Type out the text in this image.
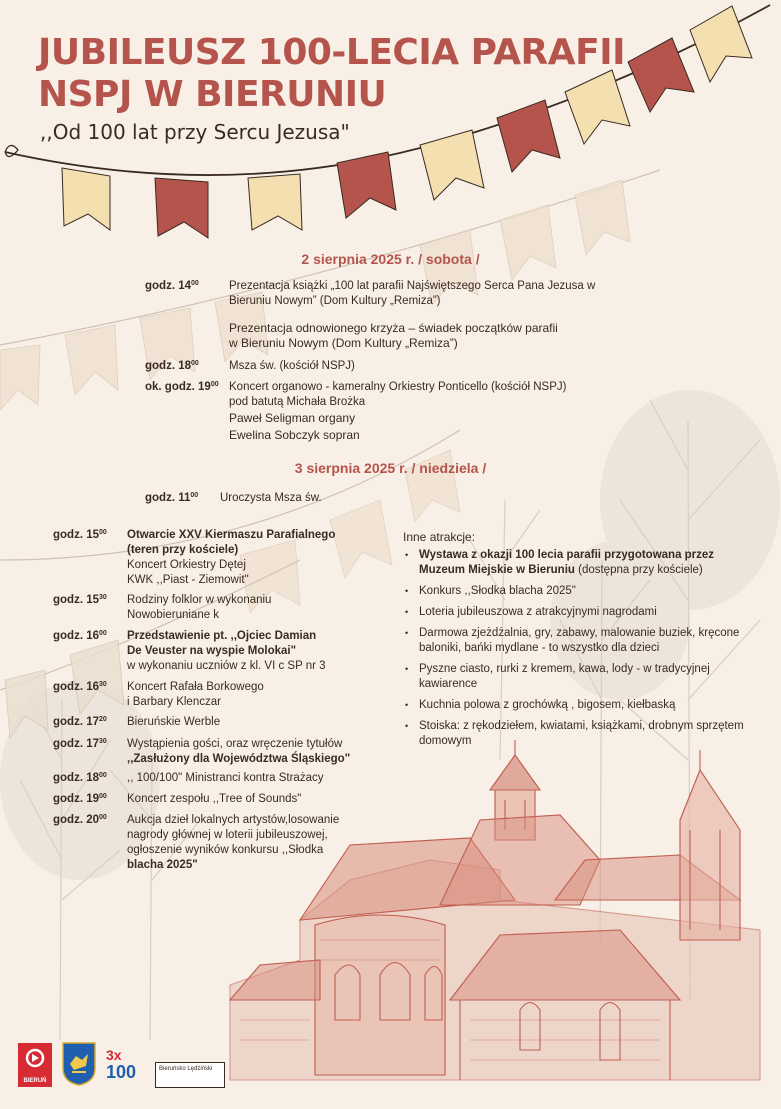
JUBILEUSZ 100-LECIA PARAFII
NSPJ W BIERUNIU
,,Od 100 lat przy Sercu Jezusa"
2 sierpnia 2025 r. / sobota /
godz. $14^{00}$	Prezentacja książki „100 lat parafii Najświętszego Serca Pana Jezusa w
Bieruniu Nowym” (Dom Kultury „Remiza”)
Prezentacja odnowionego krzyża – świadek początków parafii
w Bieruniu Nowym (Dom Kultury „Remiza”)
godz. $18^{00}$	Msza św. (kościół NSPJ)
ok. godz. $19^{00}$ Koncert organowo - kameralny Orkiestry Ponticello (kościół NSPJ)
pod batutą Michała Brożka
Paweł Seligman organy
Ewelina Sobczyk sopran
3 sierpnia 2025 r. / niedziela /
godz. $11^{00}$ Uroczysta Msza św.
godz. $15^{00}$ Otwarcie XXV Kiermaszu Parafialnego
(teren przy kościele)
Koncert Orkiestry Dętej
KWK ,,Piast - Ziemowit"
godz. $15^{30}$ Rodziny folklor w wykonaniu
Nowobieruniane k
godz. $16^{00}$ Przedstawienie pt. ,,Ojciec Damian
De Veuster na wyspie Molokai"
w wykonaniu uczniów z kl. VI c SP nr 3
godz. $16^{30}$ Koncert Rafała Borkowego
i Barbary Klenczar
godz. $17^{20}$ Bieruńskie Werble
godz. $17^{30}$ Wystąpienia gości, oraz wręczenie tytułów
,,Zasłużony dla Województwa Śląskiego"
godz. $18^{00}$ ,, 100/100" Ministranci kontra Strażacy
godz. $19^{00}$ Koncert zespołu ,,Tree of Sounds"
godz. $20^{00}$ Aukcja dzieł lokalnych artystów,losowanie
nagrody głównej w loterii jubileuszowej,
ogłoszenie wyników konkursu ,,Słodka
blacha 2025"
Inne atrakcje:
• Wystawa z okazji 100 lecia parafii przygotowana przez Muzeum Miejskie w Bieruniu (dostępna przy kościele)
• Konkurs ,,Słodka blacha 2025"
• Loteria jubileuszowa z atrakcyjnymi nagrodami
• Darmowa zjeżdżalnia, gry, zabawy, malowanie buziek, kręcone baloniki, bańki mydlane - to wszystko dla dzieci
• Pyszne ciasto, rurki z kremem, kawa, lody - w tradycyjnej kawiarence
• Kuchnia polowa z grochówką , bigosem, kiełbaską
• Stoiska: z rękodziełem, kwiatami, książkami, drobnym sprzętem domowym
BIERUŃ
3x
100	Bieruńsko Lędziński
